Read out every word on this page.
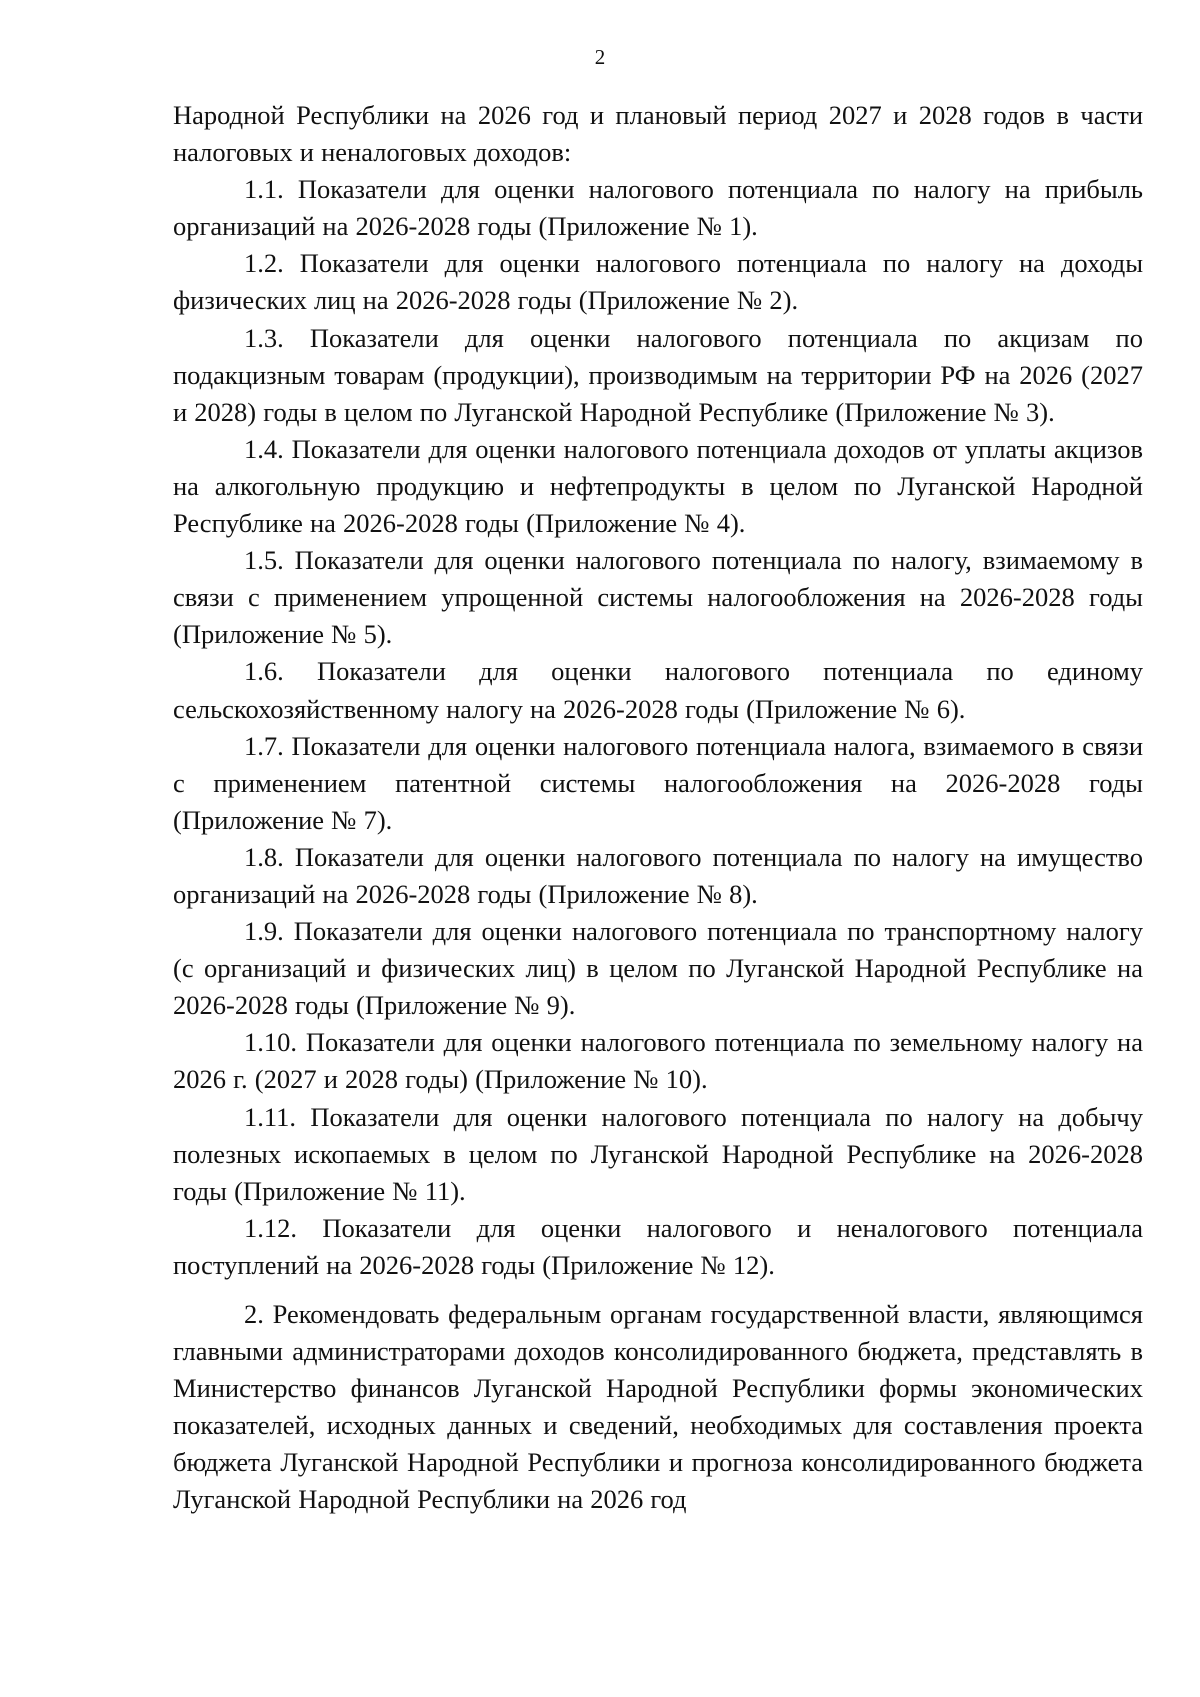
2

Народной Республики на 2026 год и плановый период 2027 и 2028 годов в части налоговых и неналоговых доходов:

1.1. Показатели для оценки налогового потенциала по налогу на прибыль организаций на 2026-2028 годы (Приложение № 1).

1.2. Показатели для оценки налогового потенциала по налогу на доходы физических лиц на 2026-2028 годы (Приложение № 2).

1.3. Показатели для оценки налогового потенциала по акцизам по подакцизным товарам (продукции), производимым на территории РФ на 2026 (2027 и 2028) годы в целом по Луганской Народной Республике (Приложение № 3).

1.4. Показатели для оценки налогового потенциала доходов от уплаты акцизов на алкогольную продукцию и нефтепродукты в целом по Луганской Народной Республике на 2026-2028 годы (Приложение № 4).

1.5. Показатели для оценки налогового потенциала по налогу, взимаемому в связи с применением упрощенной системы налогообложения на 2026-2028 годы (Приложение № 5).

1.6. Показатели для оценки налогового потенциала по единому сельскохозяйственному налогу на 2026-2028 годы (Приложение № 6).

1.7. Показатели для оценки налогового потенциала налога, взимаемого в связи с применением патентной системы налогообложения на 2026-2028 годы (Приложение № 7).

1.8. Показатели для оценки налогового потенциала по налогу на имущество организаций на 2026-2028 годы (Приложение № 8).

1.9. Показатели для оценки налогового потенциала по транспортному налогу (с организаций и физических лиц) в целом по Луганской Народной Республике на 2026-2028 годы (Приложение № 9).

1.10. Показатели для оценки налогового потенциала по земельному налогу на 2026 г. (2027 и 2028 годы) (Приложение № 10).

1.11. Показатели для оценки налогового потенциала по налогу на добычу полезных ископаемых в целом по Луганской Народной Республике на 2026-2028 годы (Приложение № 11).

1.12. Показатели для оценки налогового и неналогового потенциала поступлений на 2026-2028 годы (Приложение № 12).

2. Рекомендовать федеральным органам государственной власти, являющимся главными администраторами доходов консолидированного бюджета, представлять в Министерство финансов Луганской Народной Республики формы экономических показателей, исходных данных и сведений, необходимых для составления проекта бюджета Луганской Народной Республики и прогноза консолидированного бюджета Луганской Народной Республики на 2026 год
